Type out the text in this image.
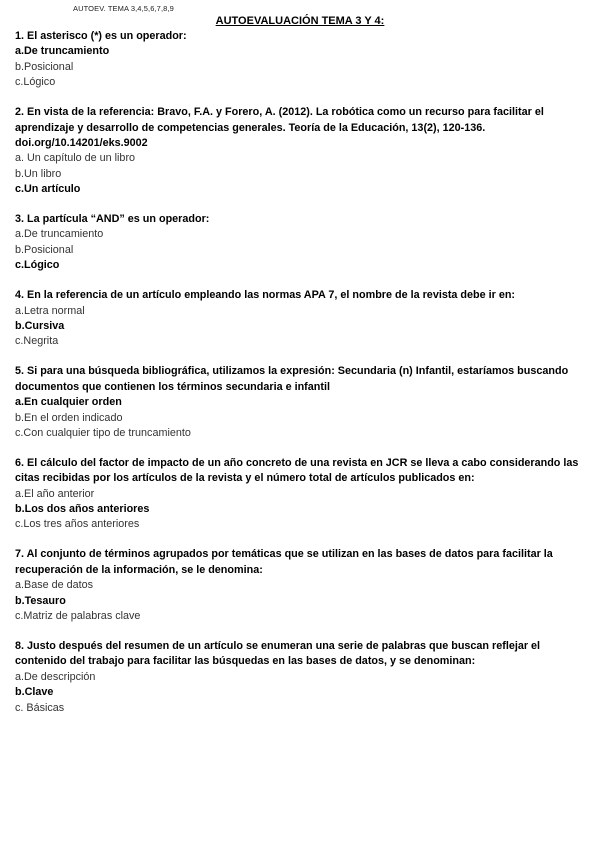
AUTOEV. TEMA 3,4,5,6,7,8,9
AUTOEVALUACIÓN TEMA 3 Y 4:
1. El asterisco (*) es un operador:
a.De truncamiento
b.Posicional
c.Lógico
2. En vista de la referencia: Bravo, F.A. y Forero, A. (2012). La robótica como un recurso para facilitar el aprendizaje y desarrollo de competencias generales. Teoría de la Educación, 13(2), 120-136. doi.org/10.14201/eks.9002
a. Un capítulo de un libro
b.Un libro
c.Un artículo
3. La partícula “AND” es un operador:
a.De truncamiento
b.Posicional
c.Lógico
4. En la referencia de un artículo empleando las normas APA 7, el nombre de la revista debe ir en:
a.Letra normal
b.Cursiva
c.Negrita
5. Si para una búsqueda bibliográfica, utilizamos la expresión: Secundaria (n) Infantil, estaríamos buscando documentos que contienen los términos secundaria e infantil
a.En cualquier orden
b.En el orden indicado
c.Con cualquier tipo de truncamiento
6. El cálculo del factor de impacto de un año concreto de una revista en JCR se lleva a cabo considerando las citas recibidas por los artículos de la revista y el número total de artículos publicados en:
a.El año anterior
b.Los dos años anteriores
c.Los tres años anteriores
7. Al conjunto de términos agrupados por temáticas que se utilizan en las bases de datos para facilitar la recuperación de la información, se le denomina:
a.Base de datos
b.Tesauro
c.Matriz de palabras clave
8. Justo después del resumen de un artículo se enumeran una serie de palabras que buscan reflejar el contenido del trabajo para facilitar las búsquedas en las bases de datos, y se denominan:
a.De descripción
b.Clave
c. Básicas
